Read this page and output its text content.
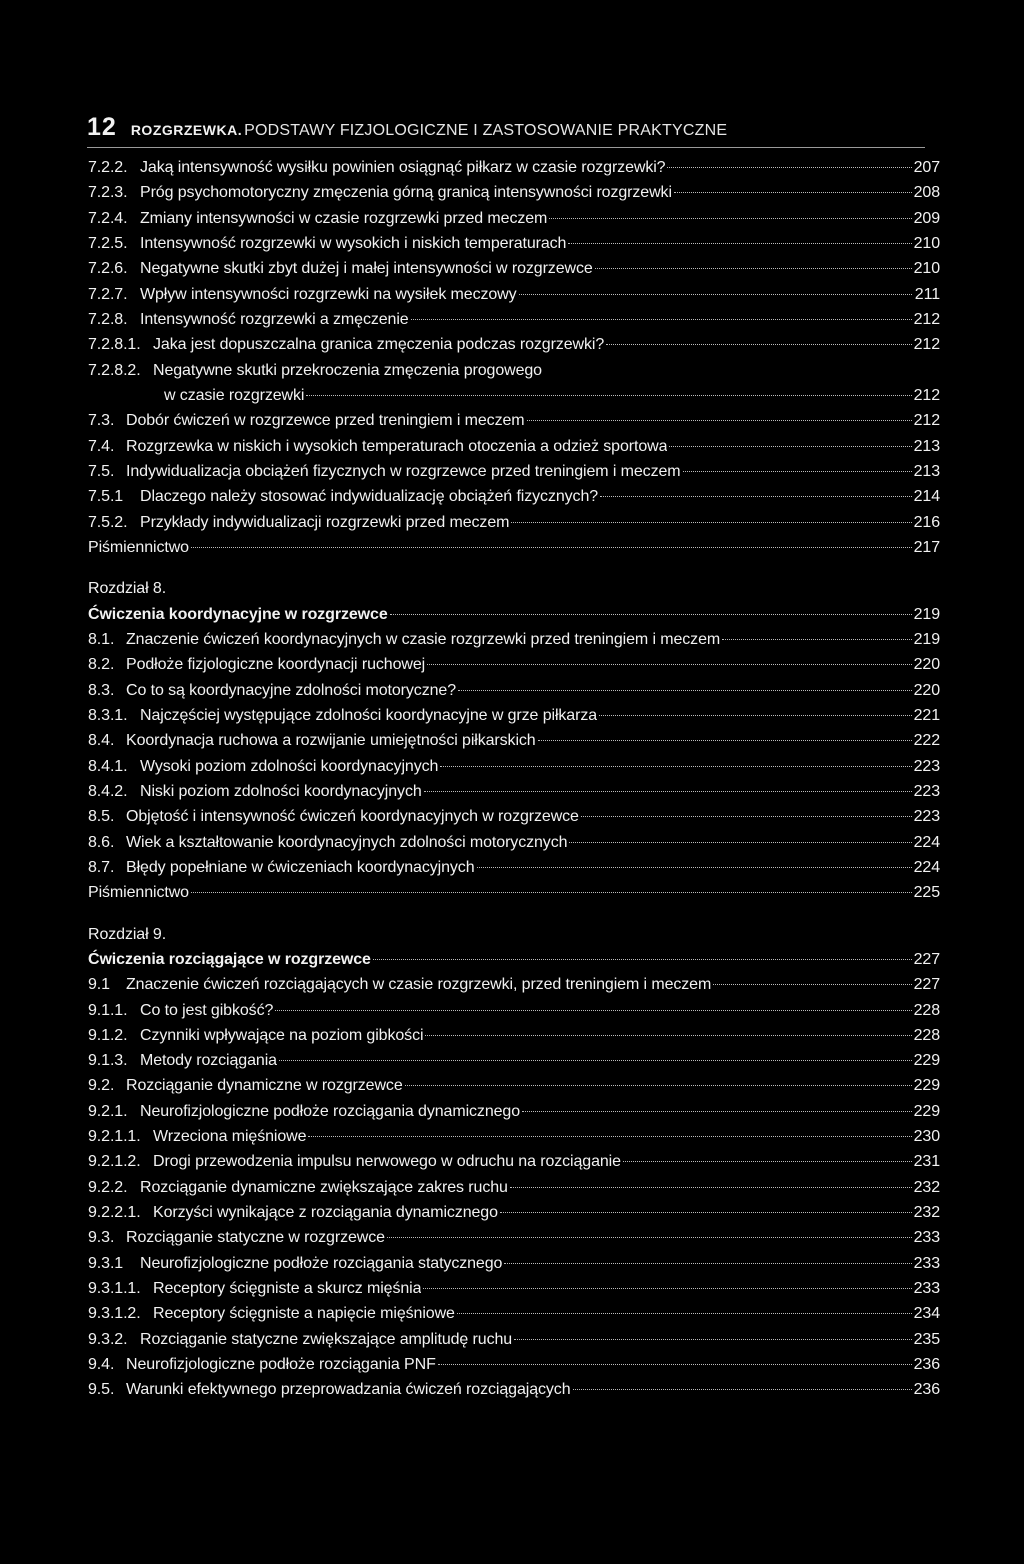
12 ROZGRZEWKA. PODSTAWY FIZJOLOGICZNE I ZASTOSOWANIE PRAKTYCZNE
7.2.2. Jaką intensywność wysiłku powinien osiągnąć piłkarz w czasie rozgrzewki?	207
7.2.3. Próg psychomotoryczny zmęczenia górną granicą intensywności rozgrzewki	208
7.2.4. Zmiany intensywności w czasie rozgrzewki przed meczem	209
7.2.5. Intensywność rozgrzewki w wysokich i niskich temperaturach	210
7.2.6. Negatywne skutki zbyt dużej i małej intensywności w rozgrzewce	210
7.2.7. Wpływ intensywności rozgrzewki na wysiłek meczowy	211
7.2.8. Intensywność rozgrzewki a zmęczenie	212
7.2.8.1. Jaka jest dopuszczalna granica zmęczenia podczas rozgrzewki?	212
7.2.8.2. Negatywne skutki przekroczenia zmęczenia progowego
w czasie rozgrzewki	212
7.3. Dobór ćwiczeń w rozgrzewce przed treningiem i meczem	212
7.4. Rozgrzewka w niskich i wysokich temperaturach otoczenia a odzież sportowa	213
7.5. Indywidualizacja obciążeń fizycznych w rozgrzewce przed treningiem i meczem	213
7.5.1	Dlaczego należy stosować indywidualizację obciążeń fizycznych?	214
7.5.2. Przykłady indywidualizacji rozgrzewki przed meczem	216
Piśmiennictwo	217
Rozdział 8.
Ćwiczenia koordynacyjne w rozgrzewce	219
8.1. Znaczenie ćwiczeń koordynacyjnych w czasie rozgrzewki przed treningiem i meczem	219
8.2. Podłoże fizjologiczne koordynacji ruchowej	220
8.3. Co to są koordynacyjne zdolności motoryczne?	220
8.3.1. Najczęściej występujące zdolności koordynacyjne w grze piłkarza	221
8.4. Koordynacja ruchowa a rozwijanie umiejętności piłkarskich	222
8.4.1. Wysoki poziom zdolności koordynacyjnych	223
8.4.2. Niski poziom zdolności koordynacyjnych	223
8.5. Objętość i intensywność ćwiczeń koordynacyjnych w rozgrzewce	223
8.6. Wiek a kształtowanie koordynacyjnych zdolności motorycznych	224
8.7. Błędy popełniane w ćwiczeniach koordynacyjnych	224
Piśmiennictwo	225
Rozdział 9.
Ćwiczenia rozciągające w rozgrzewce	227
9.1	Znaczenie ćwiczeń rozciągających w czasie rozgrzewki, przed treningiem i meczem	227
9.1.1. Co to jest gibkość?	228
9.1.2. Czynniki wpływające na poziom gibkości	228
9.1.3. Metody rozciągania	229
9.2. Rozciąganie dynamiczne w rozgrzewce	229
9.2.1. Neurofizjologiczne podłoże rozciągania dynamicznego	229
9.2.1.1. Wrzeciona mięśniowe	230
9.2.1.2. Drogi przewodzenia impulsu nerwowego w odruchu na rozciąganie	231
9.2.2. Rozciąganie dynamiczne zwiększające zakres ruchu	232
9.2.2.1. Korzyści wynikające z rozciągania dynamicznego	232
9.3. Rozciąganie statyczne w rozgrzewce	233
9.3.1	Neurofizjologiczne podłoże rozciągania statycznego	233
9.3.1.1. Receptory ścięgniste a skurcz mięśnia	233
9.3.1.2. Receptory ścięgniste a napięcie mięśniowe	234
9.3.2. Rozciąganie statyczne zwiększające amplitudę ruchu	235
9.4. Neurofizjologiczne podłoże rozciągania PNF	236
9.5. Warunki efektywnego przeprowadzania ćwiczeń rozciągających	236
